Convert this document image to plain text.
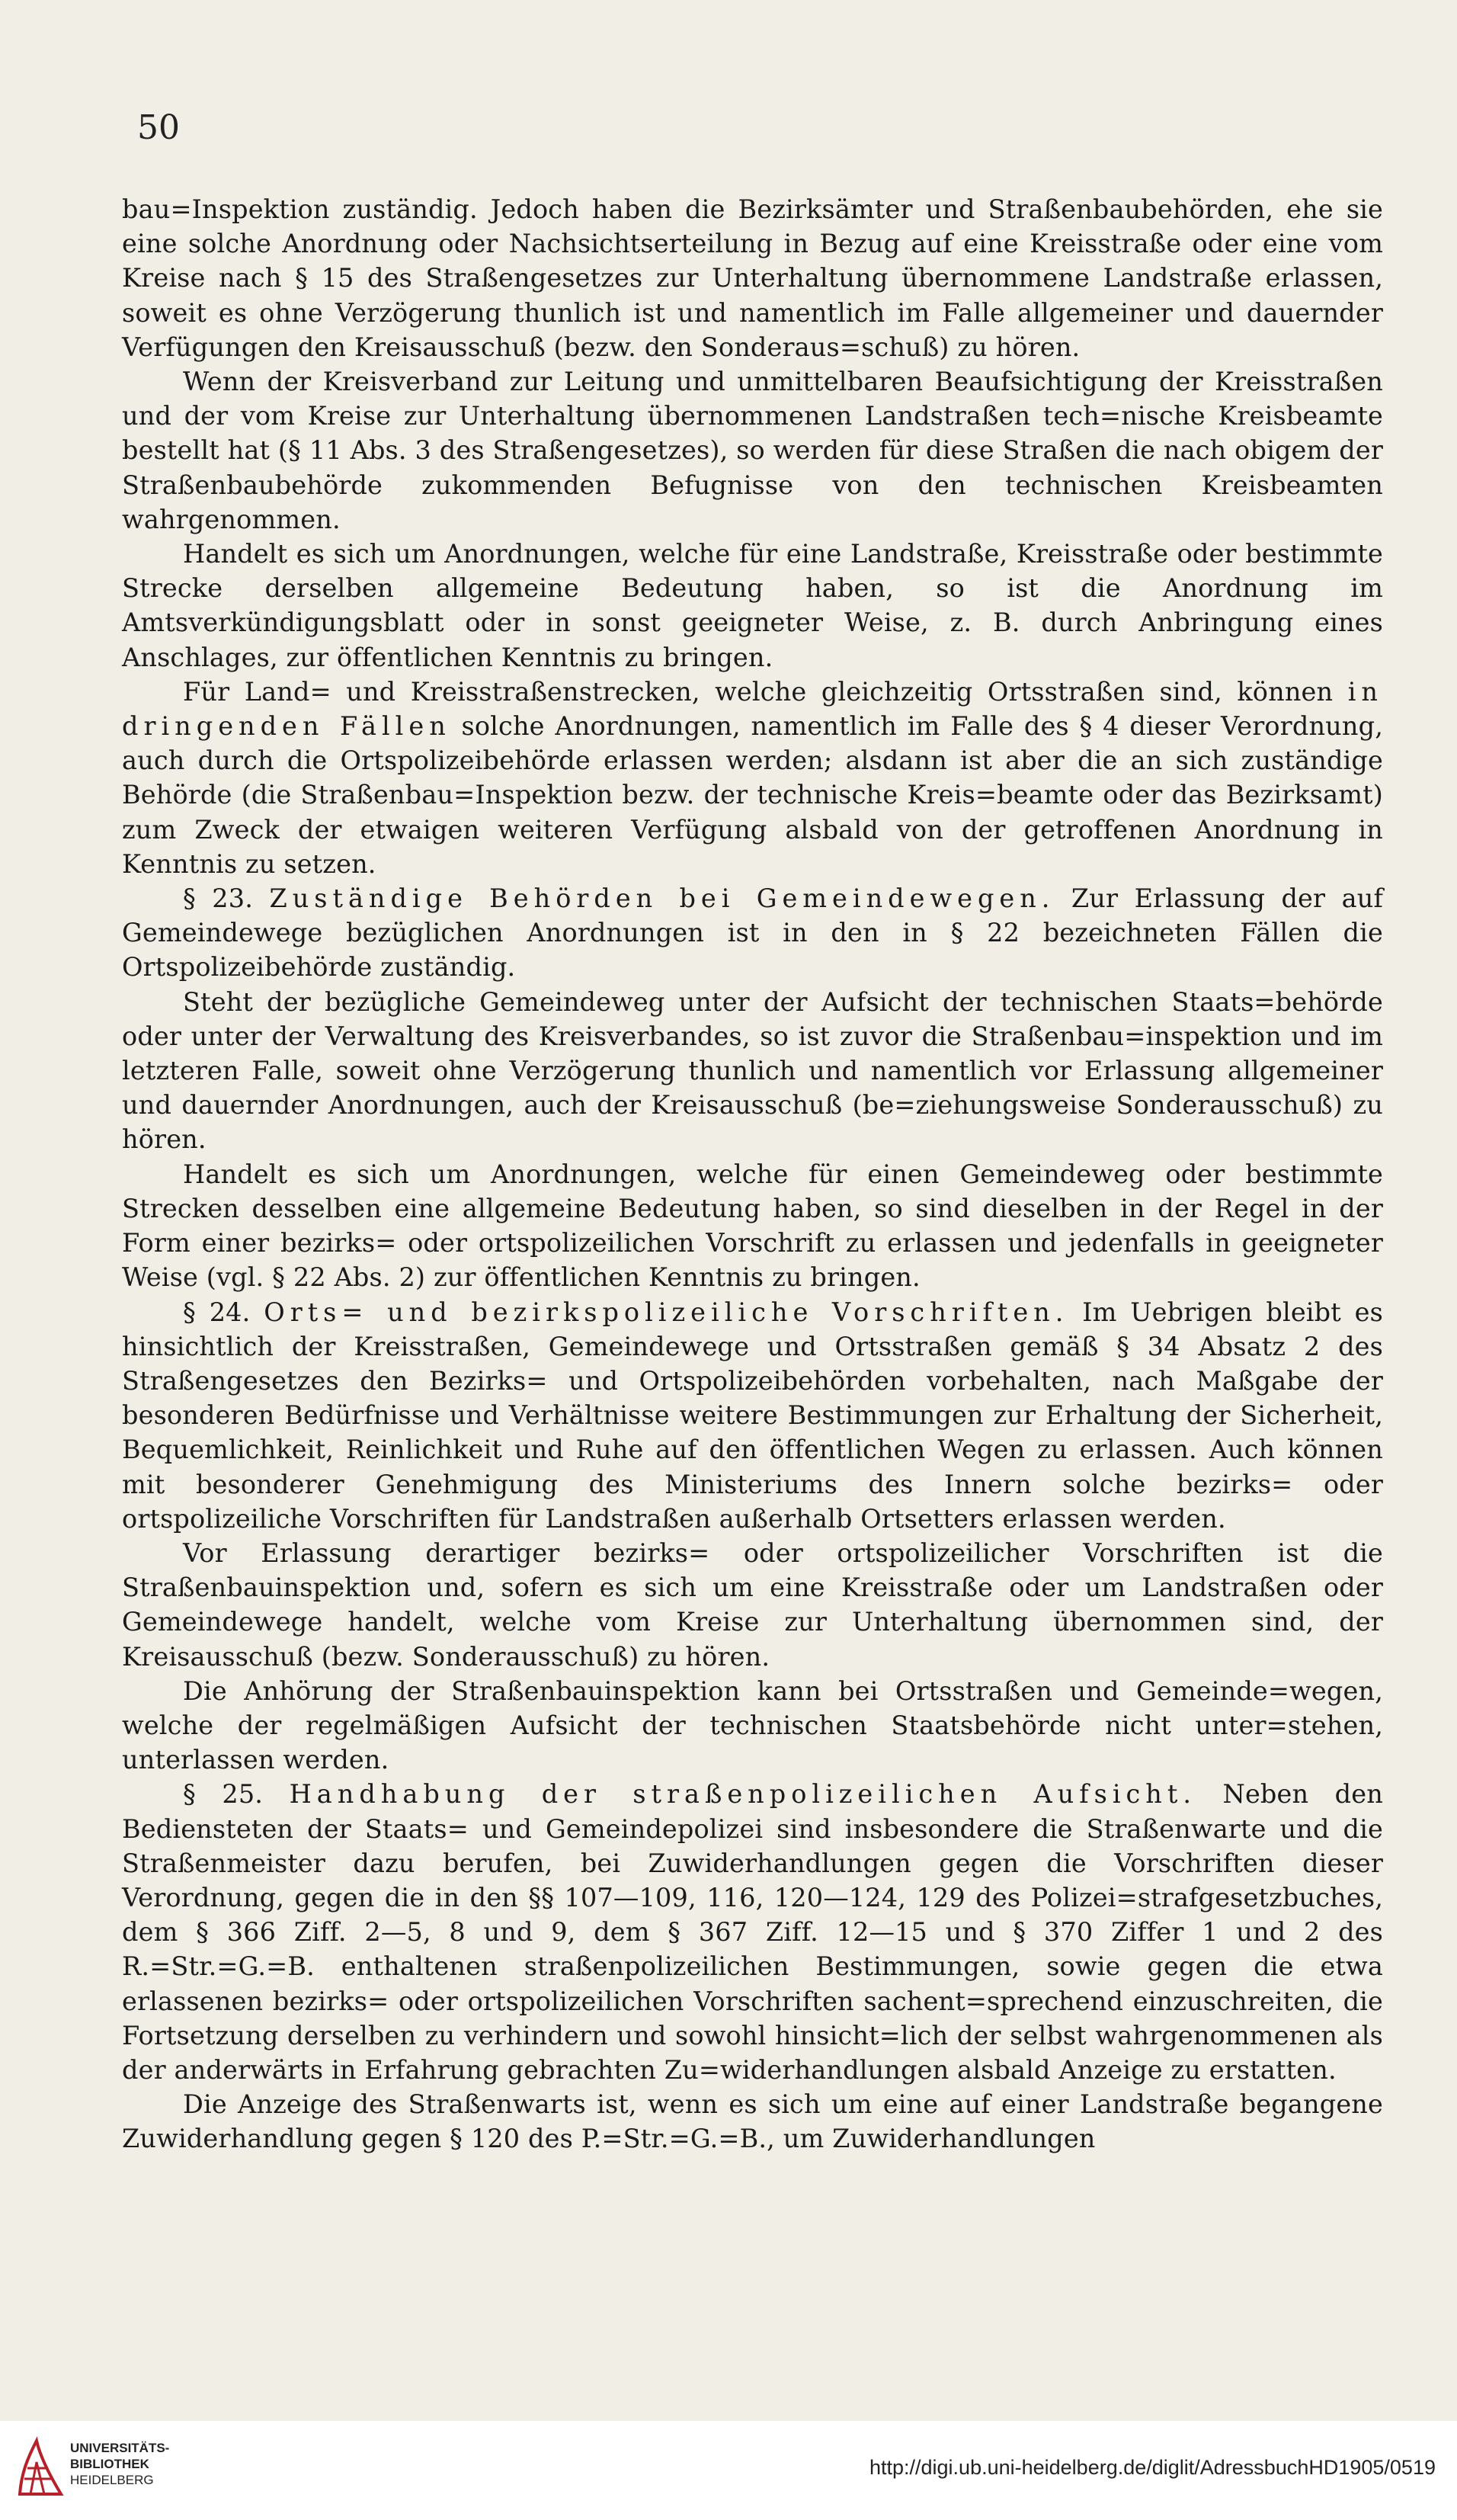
50

bau=Inspektion zuständig. Jedoch haben die Bezirksämter und Straßenbaubehörden, ehe sie eine solche Anordnung oder Nachsichtserteilung in Bezug auf eine Kreisstraße oder eine vom Kreise nach § 15 des Straßengesetzes zur Unterhaltung übernommene Landstraße erlassen, soweit es ohne Verzögerung thunlich ist und namentlich im Falle allgemeiner und dauernder Verfügungen den Kreisausschuß (bezw. den Sonderaus=schuß) zu hören.

Wenn der Kreisverband zur Leitung und unmittelbaren Beaufsichtigung der Kreisstraßen und der vom Kreise zur Unterhaltung übernommenen Landstraßen tech=nische Kreisbeamte bestellt hat (§ 11 Abs. 3 des Straßengesetzes), so werden für diese Straßen die nach obigem der Straßenbaubehörde zukommenden Befugnisse von den technischen Kreisbeamten wahrgenommen.

Handelt es sich um Anordnungen, welche für eine Landstraße, Kreisstraße oder bestimmte Strecke derselben allgemeine Bedeutung haben, so ist die Anordnung im Amtsverkündigungsblatt oder in sonst geeigneter Weise, z. B. durch Anbringung eines Anschlages, zur öffentlichen Kenntnis zu bringen.

Für Land= und Kreisstraßenstrecken, welche gleichzeitig Ortsstraßen sind, können in dringenden Fällen solche Anordnungen, namentlich im Falle des § 4 dieser Verordnung, auch durch die Ortspolizeibehörde erlassen werden; alsdann ist aber die an sich zuständige Behörde (die Straßenbau=Inspektion bezw. der technische Kreis=beamte oder das Bezirksamt) zum Zweck der etwaigen weiteren Verfügung alsbald von der getroffenen Anordnung in Kenntnis zu setzen.

§ 23. Zuständige Behörden bei Gemeindewegen. Zur Erlassung der auf Gemeindewege bezüglichen Anordnungen ist in den in § 22 bezeichneten Fällen die Ortspolizeibehörde zuständig.

Steht der bezügliche Gemeindeweg unter der Aufsicht der technischen Staats=behörde oder unter der Verwaltung des Kreisverbandes, so ist zuvor die Straßenbau=inspektion und im letzteren Falle, soweit ohne Verzögerung thunlich und namentlich vor Erlassung allgemeiner und dauernder Anordnungen, auch der Kreisausschuß (be=ziehungsweise Sonderausschuß) zu hören.

Handelt es sich um Anordnungen, welche für einen Gemeindeweg oder bestimmte Strecken desselben eine allgemeine Bedeutung haben, so sind dieselben in der Regel in der Form einer bezirks= oder ortspolizeilichen Vorschrift zu erlassen und jedenfalls in geeigneter Weise (vgl. § 22 Abs. 2) zur öffentlichen Kenntnis zu bringen.

§ 24. Orts= und bezirkspolizeiliche Vorschriften. Im Uebrigen bleibt es hinsichtlich der Kreisstraßen, Gemeindewege und Ortsstraßen gemäß § 34 Absatz 2 des Straßengesetzes den Bezirks= und Ortspolizeibehörden vorbehalten, nach Maßgabe der besonderen Bedürfnisse und Verhältnisse weitere Bestimmungen zur Erhaltung der Sicherheit, Bequemlichkeit, Reinlichkeit und Ruhe auf den öffentlichen Wegen zu erlassen. Auch können mit besonderer Genehmigung des Ministeriums des Innern solche bezirks= oder ortspolizeiliche Vorschriften für Landstraßen außerhalb Ortsetters erlassen werden.

Vor Erlassung derartiger bezirks= oder ortspolizeilicher Vorschriften ist die Straßenbauinspektion und, sofern es sich um eine Kreisstraße oder um Landstraßen oder Gemeindewege handelt, welche vom Kreise zur Unterhaltung übernommen sind, der Kreisausschuß (bezw. Sonderausschuß) zu hören.

Die Anhörung der Straßenbauinspektion kann bei Ortsstraßen und Gemeinde=wegen, welche der regelmäßigen Aufsicht der technischen Staatsbehörde nicht unter=stehen, unterlassen werden.

§ 25. Handhabung der straßenpolizeilichen Aufsicht. Neben den Bediensteten der Staats= und Gemeindepolizei sind insbesondere die Straßenwarte und die Straßenmeister dazu berufen, bei Zuwiderhandlungen gegen die Vorschriften dieser Verordnung, gegen die in den §§ 107—109, 116, 120—124, 129 des Polizei=strafgesetzbuches, dem § 366 Ziff. 2—5, 8 und 9, dem § 367 Ziff. 12—15 und § 370 Ziffer 1 und 2 des R.=Str.=G.=B. enthaltenen straßenpolizeilichen Bestimmungen, sowie gegen die etwa erlassenen bezirks= oder ortspolizeilichen Vorschriften sachent=sprechend einzuschreiten, die Fortsetzung derselben zu verhindern und sowohl hinsicht=lich der selbst wahrgenommenen als der anderwärts in Erfahrung gebrachten Zu=widerhandlungen alsbald Anzeige zu erstatten.

Die Anzeige des Straßenwarts ist, wenn es sich um eine auf einer Landstraße begangene Zuwiderhandlung gegen § 120 des P.=Str.=G.=B., um Zuwiderhandlungen

UNIVERSITÄTS-
BIBLIOTHEK
HEIDELBERG
http://digi.ub.uni-heidelberg.de/diglit/AdressbuchHD1905/0519
